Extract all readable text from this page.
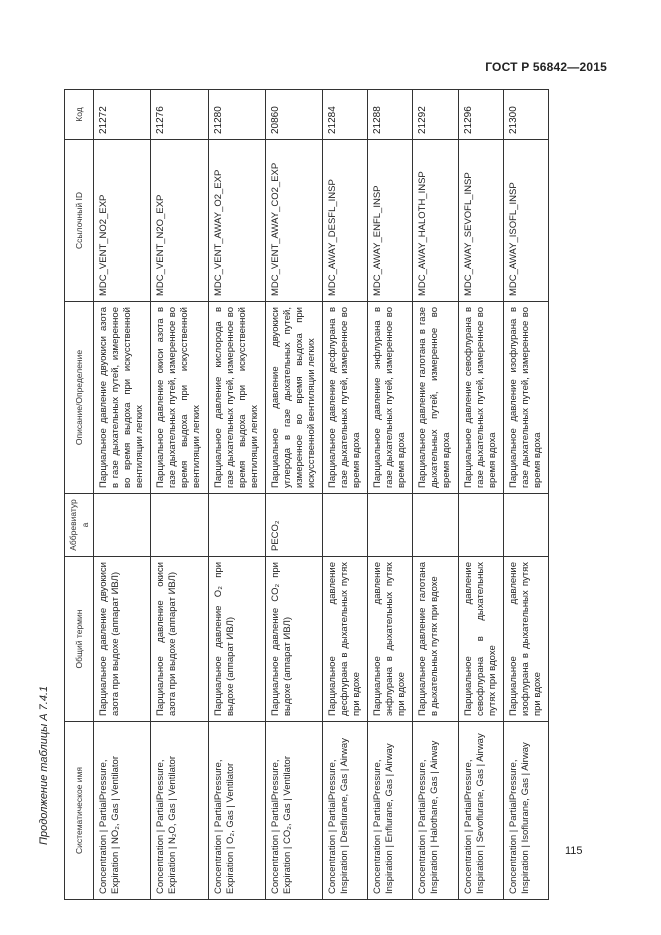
ГОСТ Р 56842—2015
Продолжение таблицы А 7.4.1	Систематическое имя	Общий термин	Аббревиатура	Описание/Определение	Ссылочный ID	Код
Concentration | PartialPressure, Expiration | NO₂, Gas | Ventilator	Парциальное давление двуокиси азота при выдохе (аппарат ИВЛ)		Парциальное давление двуокиси азота в газе дыхательных путей, измеренное во время выдоха при искусственной вентиляции легких	MDC_VENT_NO2_EXP	21272
Concentration | PartialPressure, Expiration | N₂O, Gas | Ventilator	Парциальное давление окиси азота при выдохе (аппарат ИВЛ)		Парциальное давление окиси азота в газе дыхательных путей, измеренное во время выдоха при искусственной вентиляции легких	MDC_VENT_N2O_EXP	21276
Concentration | PartialPressure, Expiration | O₂, Gas | Ventilator	Парциальное давление O₂ при выдохе (аппарат ИВЛ)		Парциальное давление кислорода в газе дыхательных путей, измеренное во время выдоха при искусственной вентиляции легких	MDC_VENT_AWAY_O2_EXP	21280
Concentration | PartialPressure, Expiration | CO₂, Gas | Ventilator	Парциальное давление CO₂ при выдохе (аппарат ИВЛ)	PECO₂	Парциальное давление двуокиси углерода в газе дыхательных путей, измеренное во время выдоха при искусственной вентиляции легких	MDC_VENT_AWAY_CO2_EXP	20860
Concentration | PartialPressure, Inspiration | Desflurane, Gas | Airway	Парциальное давление десфлурана в дыхательных путях при вдохе		Парциальное давление десфлурана в газе дыхательных путей, измеренное во время вдоха	MDC_AWAY_DESFL_INSP	21284
Concentration | PartialPressure, Inspiration | Enflurane, Gas | Airway	Парциальное давление энфлурана в дыхательных путях при вдохе		Парциальное давление энфлурана в газе дыхательных путей, измеренное во время вдоха	MDC_AWAY_ENFL_INSP	21288
Concentration | PartialPressure, Inspiration | Halothane, Gas | Airway	Парциальное давление галотана в дыхательных путях при вдохе		Парциальное давление галотана в газе дыхательных путей, измеренное во время вдоха	MDC_AWAY_HALOTH_INSP	21292
Concentration | PartialPressure, Inspiration | Sevoflurane, Gas | Airway	Парциальное давление севофлурана в дыхательных путях при вдохе		Парциальное давление севофлурана в газе дыхательных путей, измеренное во время вдоха	MDC_AWAY_SEVOFL_INSP	21296
Concentration | PartialPressure, Inspiration | Isoflurane, Gas | Airway	Парциальное давление изофлурана в дыхательных путях при вдохе		Парциальное давление изофлурана в газе дыхательных путей, измеренное во время вдоха	MDC_AWAY_ISOFL_INSP	21300
115
